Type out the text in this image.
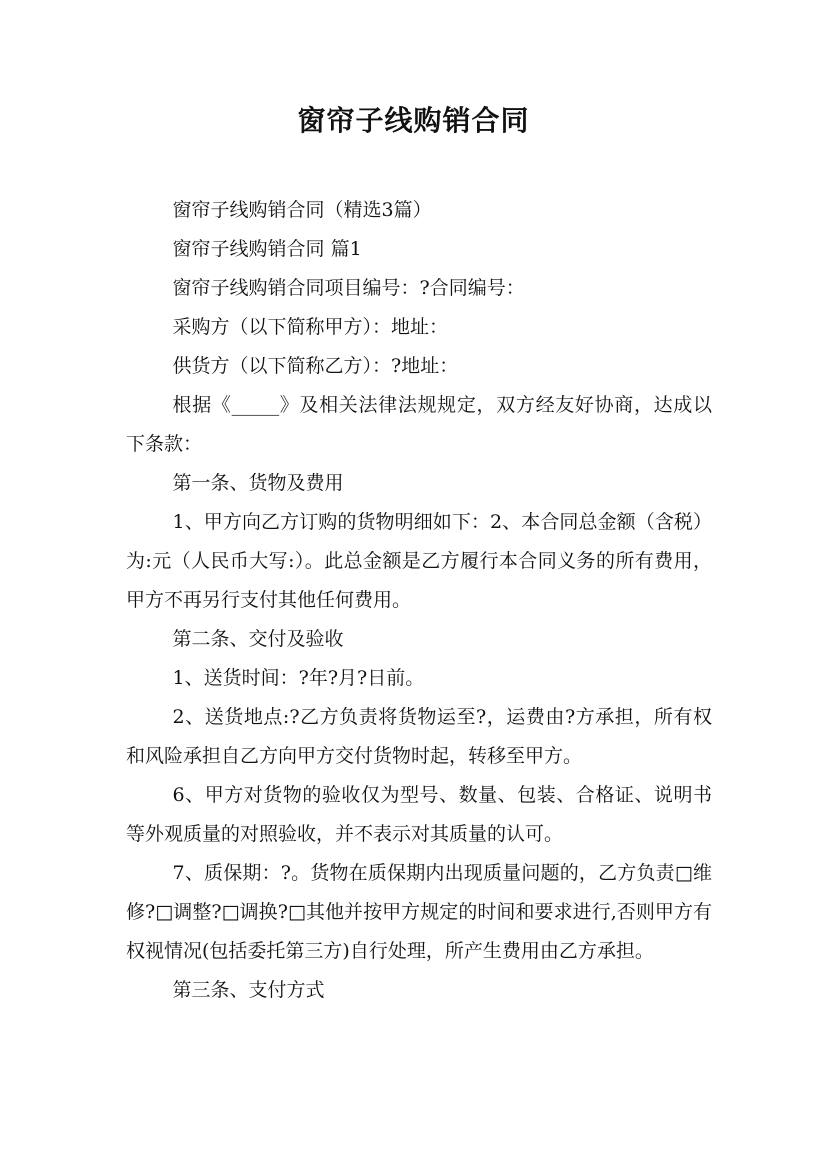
窗帘子线购销合同

窗帘子线购销合同（精选3篇）

窗帘子线购销合同 篇1

窗帘子线购销合同项目编号：?合同编号：

采购方（以下简称甲方）：地址：

供货方（以下简称乙方）：?地址：

根据《_____》及相关法律法规规定，双方经友好协商，达成以下条款：

第一条、货物及费用

1、甲方向乙方订购的货物明细如下：2、本合同总金额（含税）为:元（人民币大写:）。此总金额是乙方履行本合同义务的所有费用，甲方不再另行支付其他任何费用。

第二条、交付及验收

1、送货时间：?年?月?日前。

2、送货地点:?乙方负责将货物运至?，运费由?方承担，所有权和风险承担自乙方向甲方交付货物时起，转移至甲方。

6、甲方对货物的验收仅为型号、数量、包装、合格证、说明书等外观质量的对照验收，并不表示对其质量的认可。

7、质保期：?。货物在质保期内出现质量问题的，乙方负责□维修?□调整?□调换?□其他并按甲方规定的时间和要求进行,否则甲方有权视情况(包括委托第三方)自行处理，所产生费用由乙方承担。

第三条、支付方式
